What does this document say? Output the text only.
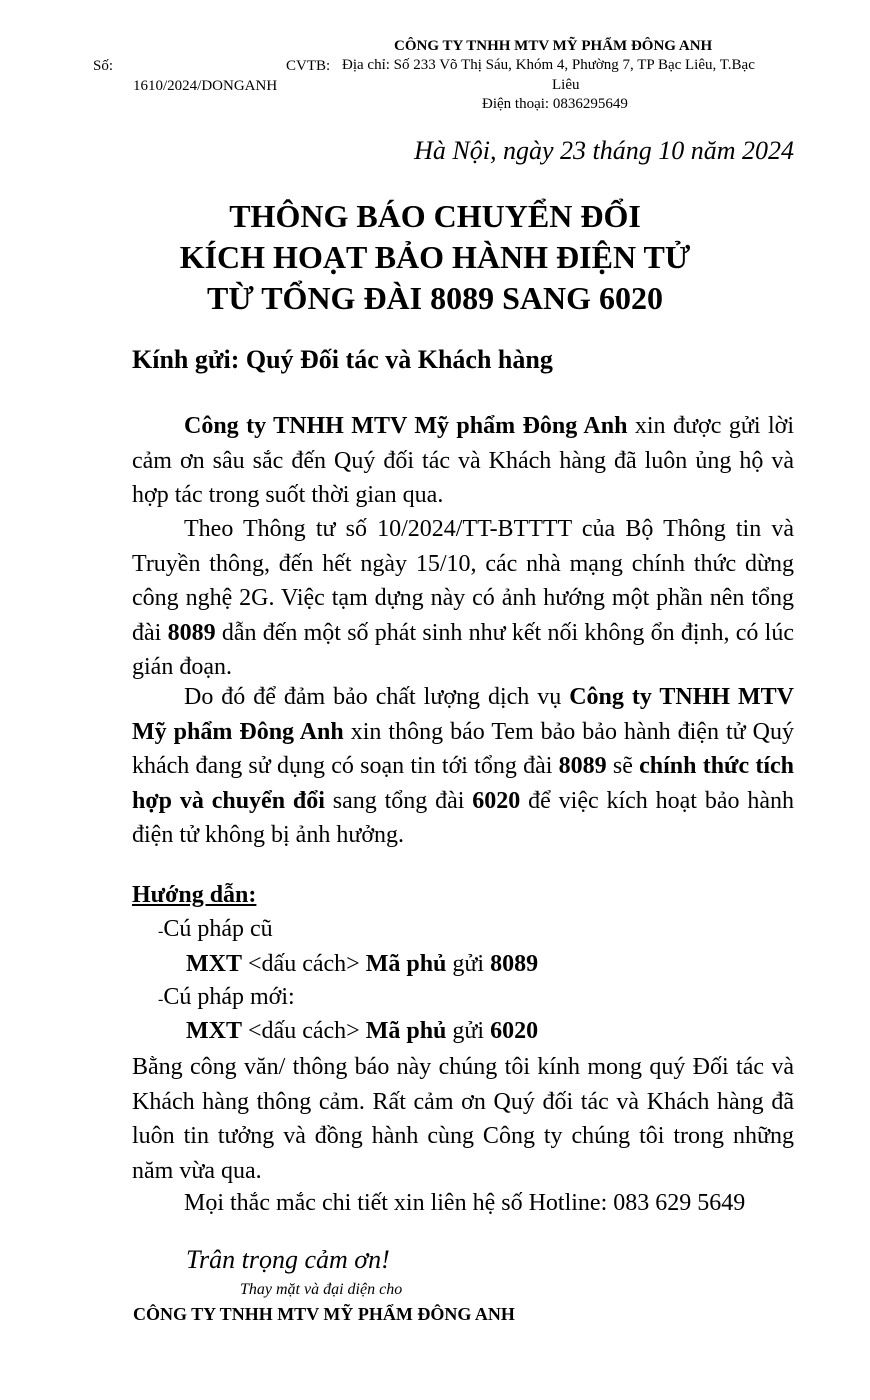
CÔNG TY TNHH MTV MỸ PHẨM ĐÔNG ANH
Số:	CVTB:
1610/2024/DONGANH
Địa chỉ: Số 233 Võ Thị Sáu, Khóm 4, Phường 7, TP Bạc Liêu, T.Bạc
Liêu
Điện thoại: 0836295649
Hà Nội, ngày 23 tháng 10 năm 2024
THÔNG BÁO CHUYỂN ĐỔI
KÍCH HOẠT BẢO HÀNH ĐIỆN TỬ
TỪ TỔNG ĐÀI 8089 SANG 6020
Kính gửi: Quý Đối tác và Khách hàng
Công ty TNHH MTV Mỹ phẩm Đông Anh xin được gửi lời cảm ơn sâu sắc đến Quý đối tác và Khách hàng đã luôn ủng hộ và hợp tác trong suốt thời gian qua.
Theo Thông tư số 10/2024/TT-BTTTT của Bộ Thông tin và Truyền thông, đến hết ngày 15/10, các nhà mạng chính thức dừng công nghệ 2G. Việc tạm dựng này có ảnh hướng một phần nên tổng đài 8089 dẫn đến một số phát sinh như kết nối không ổn định, có lúc gián đoạn.
Do đó để đảm bảo chất lượng dịch vụ Công ty TNHH MTV Mỹ phẩm Đông Anh xin thông báo Tem bảo bảo hành điện tử Quý khách đang sử dụng có soạn tin tới tổng đài 8089 sẽ chính thức tích hợp và chuyển đổi sang tổng đài 6020 để việc kích hoạt bảo hành điện tử không bị ảnh hưởng.
Hướng dẫn:
-Cú pháp cũ
MXT <dấu cách> Mã phủ gửi 8089
-Cú pháp mới:
MXT <dấu cách> Mã phủ gửi 6020
Bằng công văn/ thông báo này chúng tôi kính mong quý Đối tác và Khách hàng thông cảm. Rất cảm ơn Quý đối tác và Khách hàng đã luôn tin tưởng và đồng hành cùng Công ty chúng tôi trong những năm vừa qua.
Mọi thắc mắc chi tiết xin liên hệ số Hotline: 083 629 5649
Trân trọng cảm ơn!
Thay mặt và đại diện cho
CÔNG TY TNHH MTV MỸ PHẨM ĐÔNG ANH
